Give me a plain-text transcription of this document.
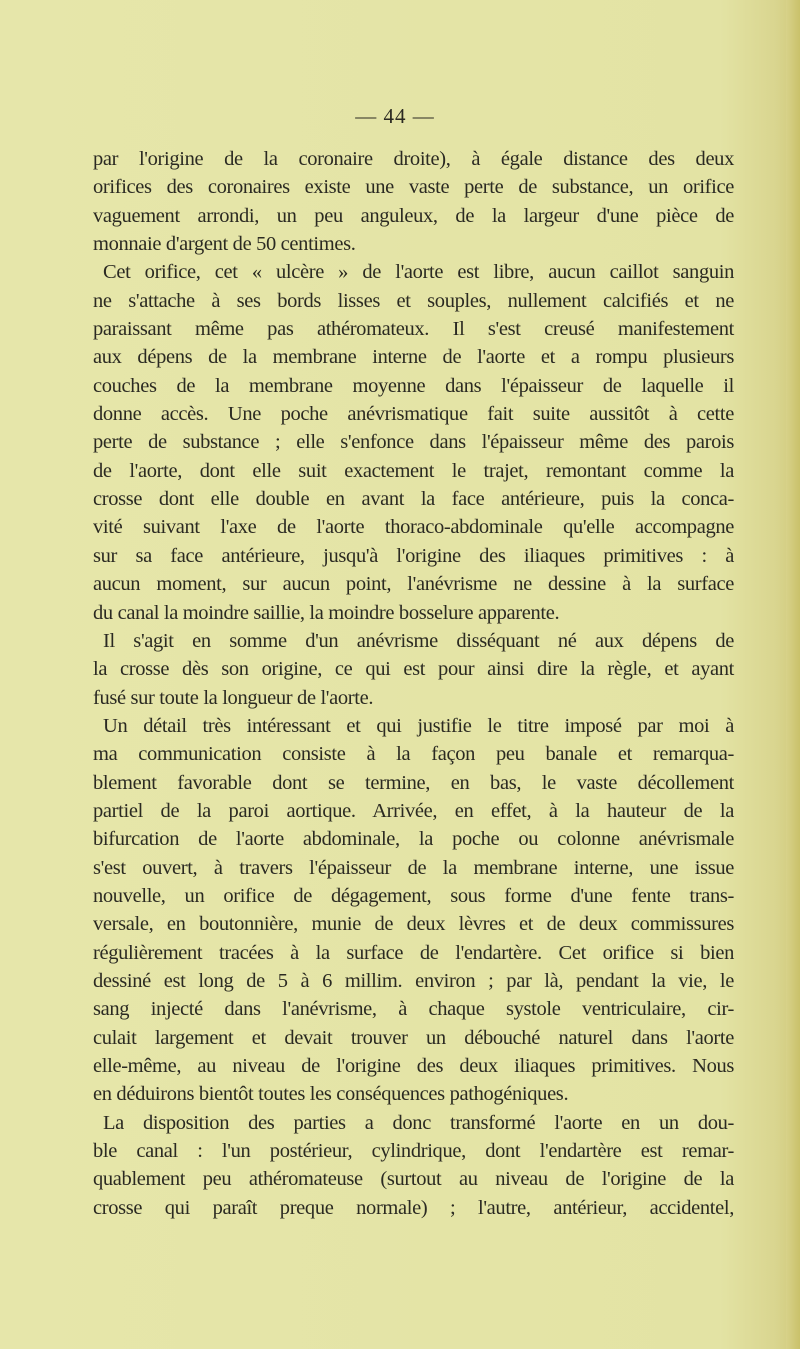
— 44 —
par l'origine de la coronaire droite), à égale distance des deux
orifices des coronaires existe une vaste perte de substance, un orifice
vaguement arrondi, un peu anguleux, de la largeur d'une pièce de
monnaie d'argent de 50 centimes.
Cet orifice, cet « ulcère » de l'aorte est libre, aucun caillot sanguin
ne s'attache à ses bords lisses et souples, nullement calcifiés et ne
paraissant même pas athéromateux. Il s'est creusé manifestement
aux dépens de la membrane interne de l'aorte et a rompu plusieurs
couches de la membrane moyenne dans l'épaisseur de laquelle il
donne accès. Une poche anévrismatique fait suite aussitôt à cette
perte de substance ; elle s'enfonce dans l'épaisseur même des parois
de l'aorte, dont elle suit exactement le trajet, remontant comme la
crosse dont elle double en avant la face antérieure, puis la conca-
vité suivant l'axe de l'aorte thoraco-abdominale qu'elle accompagne
sur sa face antérieure, jusqu'à l'origine des iliaques primitives : à
aucun moment, sur aucun point, l'anévrisme ne dessine à la surface
du canal la moindre saillie, la moindre bosselure apparente.
Il s'agit en somme d'un anévrisme disséquant né aux dépens de
la crosse dès son origine, ce qui est pour ainsi dire la règle, et ayant
fusé sur toute la longueur de l'aorte.
Un détail très intéressant et qui justifie le titre imposé par moi à
ma communication consiste à la façon peu banale et remarqua-
blement favorable dont se termine, en bas, le vaste décollement
partiel de la paroi aortique. Arrivée, en effet, à la hauteur de la
bifurcation de l'aorte abdominale, la poche ou colonne anévrismale
s'est ouvert, à travers l'épaisseur de la membrane interne, une issue
nouvelle, un orifice de dégagement, sous forme d'une fente trans-
versale, en boutonnière, munie de deux lèvres et de deux commissures
régulièrement tracées à la surface de l'endartère. Cet orifice si bien
dessiné est long de 5 à 6 millim. environ ; par là, pendant la vie, le
sang injecté dans l'anévrisme, à chaque systole ventriculaire, cir-
culait largement et devait trouver un débouché naturel dans l'aorte
elle-même, au niveau de l'origine des deux iliaques primitives. Nous
en déduirons bientôt toutes les conséquences pathogéniques.
La disposition des parties a donc transformé l'aorte en un dou-
ble canal : l'un postérieur, cylindrique, dont l'endartère est remar-
quablement peu athéromateuse (surtout au niveau de l'origine de la
crosse qui paraît preque normale) ; l'autre, antérieur, accidentel,
